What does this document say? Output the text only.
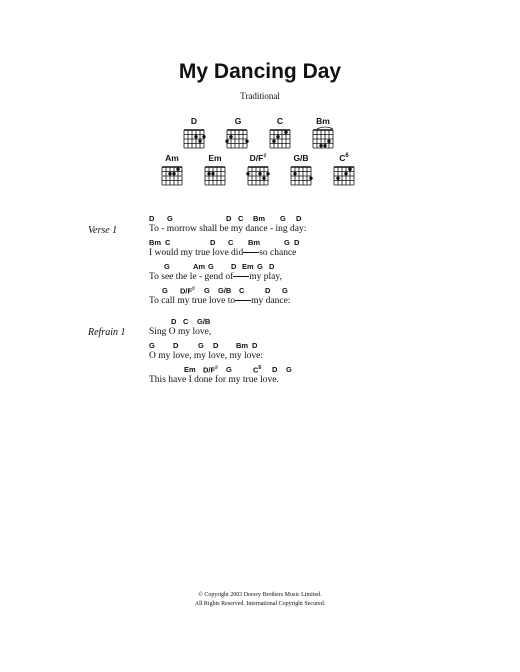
My Dancing Day
Traditional
D	G	C	Bm
Am	Em	D/F♯	G/B	$C^6$
Verse 1
D G	D C Bm G D
To - morrow shall be my dance - ing day:
Bm C	D C Bm	G D
I would my true love did so chance
G	Am G D Em G D
To see the le - gend of my play,
G D/F♯ G G/B C	D G
To call my true love to my dance:
Refrain 1
D C G/B
Sing O my love,
G D	G D Bm D
O my love, my love, my love:
Em D/F♯ G	$C^6$ D G
This have I done for my true love.
© Copyright 2003 Dorsey Brothers Music Limited.
All Rights Reserved. International Copyright Secured.
